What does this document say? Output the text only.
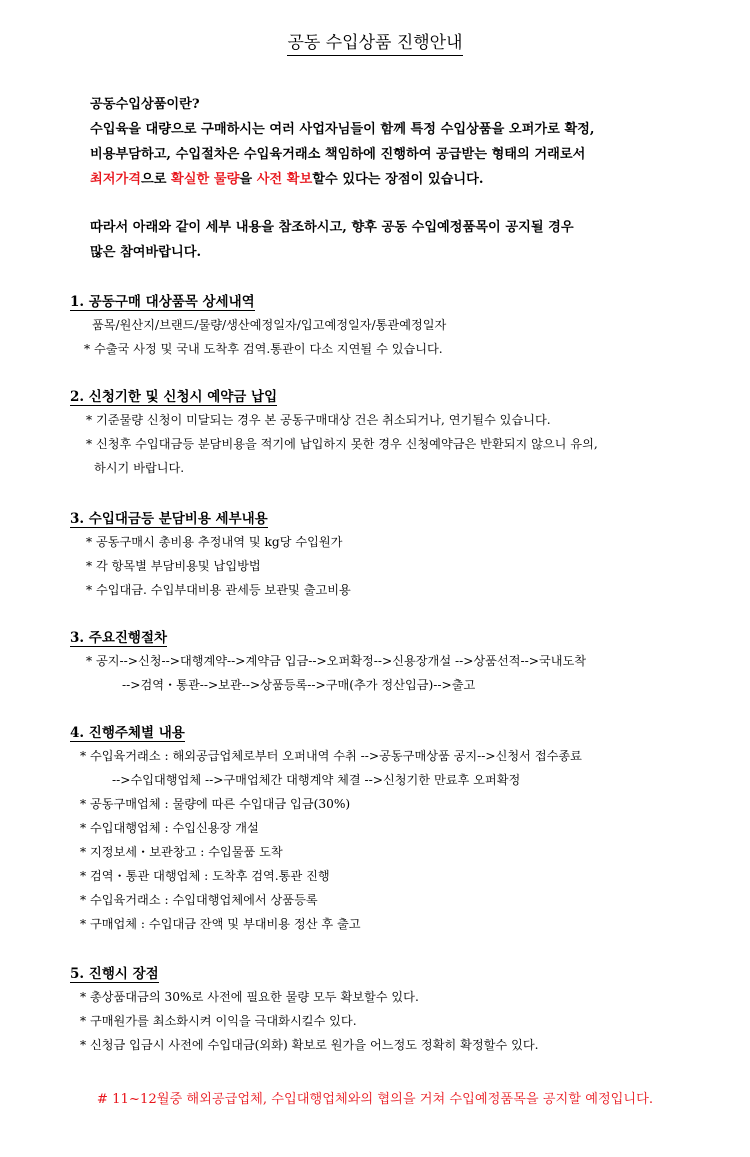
공동 수입상품 진행안내
공동수입상품이란?
수입육을 대량으로 구매하시는 여러 사업자님들이 함께 특정 수입상품을 오퍼가로 확정,
비용부담하고, 수입절차은 수입육거래소 책임하에 진행하여 공급받는 형태의 거래로서
최저가격으로 확실한 물량을 사전 확보할수 있다는 장점이 있습니다.
따라서 아래와 같이 세부 내용을 참조하시고, 향후 공동 수입예정품목이 공지될 경우
많은 참여바랍니다.
1. 공동구매 대상품목 상세내역
품목/원산지/브랜드/물량/생산예정일자/입고예정일자/통관예정일자
* 수출국 사정 및 국내 도착후 검역.통관이 다소 지연될 수 있습니다.
2. 신청기한 및 신청시 예약금 납입
* 기준물량 신청이 미달되는 경우 본 공동구매대상 건은 취소되거나, 연기될수 있습니다.
* 신청후 수입대금등 분담비용을 적기에 납입하지 못한 경우 신청예약금은 반환되지 않으니 유의,
하시기 바랍니다.
3. 수입대금등 분담비용 세부내용
* 공동구매시 총비용 추정내역 및 kg당 수입원가
* 각 항목별 부담비용및 납입방법
* 수입대금. 수입부대비용 관세등 보관및 출고비용
3. 주요진행절차
* 공지-->신청-->대행계약-->계약금 입금-->오퍼확정-->신용장개설 -->상품선적-->국내도착
-->검역・통관-->보관-->상품등록-->구매(추가 정산입금)-->출고
4. 진행주체별 내용
* 수입육거래소 : 해외공급업체로부터 오퍼내역 수취 -->공동구매상품 공지-->신청서 접수종료
-->수입대행업체 -->구매업체간 대행계약 체결 -->신청기한 만료후 오퍼확정
* 공동구매업체 : 물량에 따른 수입대금 입금(30%)
* 수입대행업체 : 수입신용장 개설
* 지정보세・보관창고 : 수입물품 도착
* 검역・통관 대행업체 : 도착후 검역.통관 진행
* 수입육거래소 : 수입대행업체에서 상품등록
* 구매업체 : 수입대금 잔액 및 부대비용 정산 후 출고
5. 진행시 장점
* 총상품대금의 30%로 사전에 필요한 물량 모두 확보할수 있다.
* 구매원가를 최소화시켜 이익을 극대화시킬수 있다.
* 신청금 입금시 사전에 수입대금(외화) 확보로 원가을 어느정도 정확히 확정할수 있다.
# 11~12월중 해외공급업체, 수입대행업체와의 협의을 거쳐 수입예정품목을 공지할 예정입니다.
